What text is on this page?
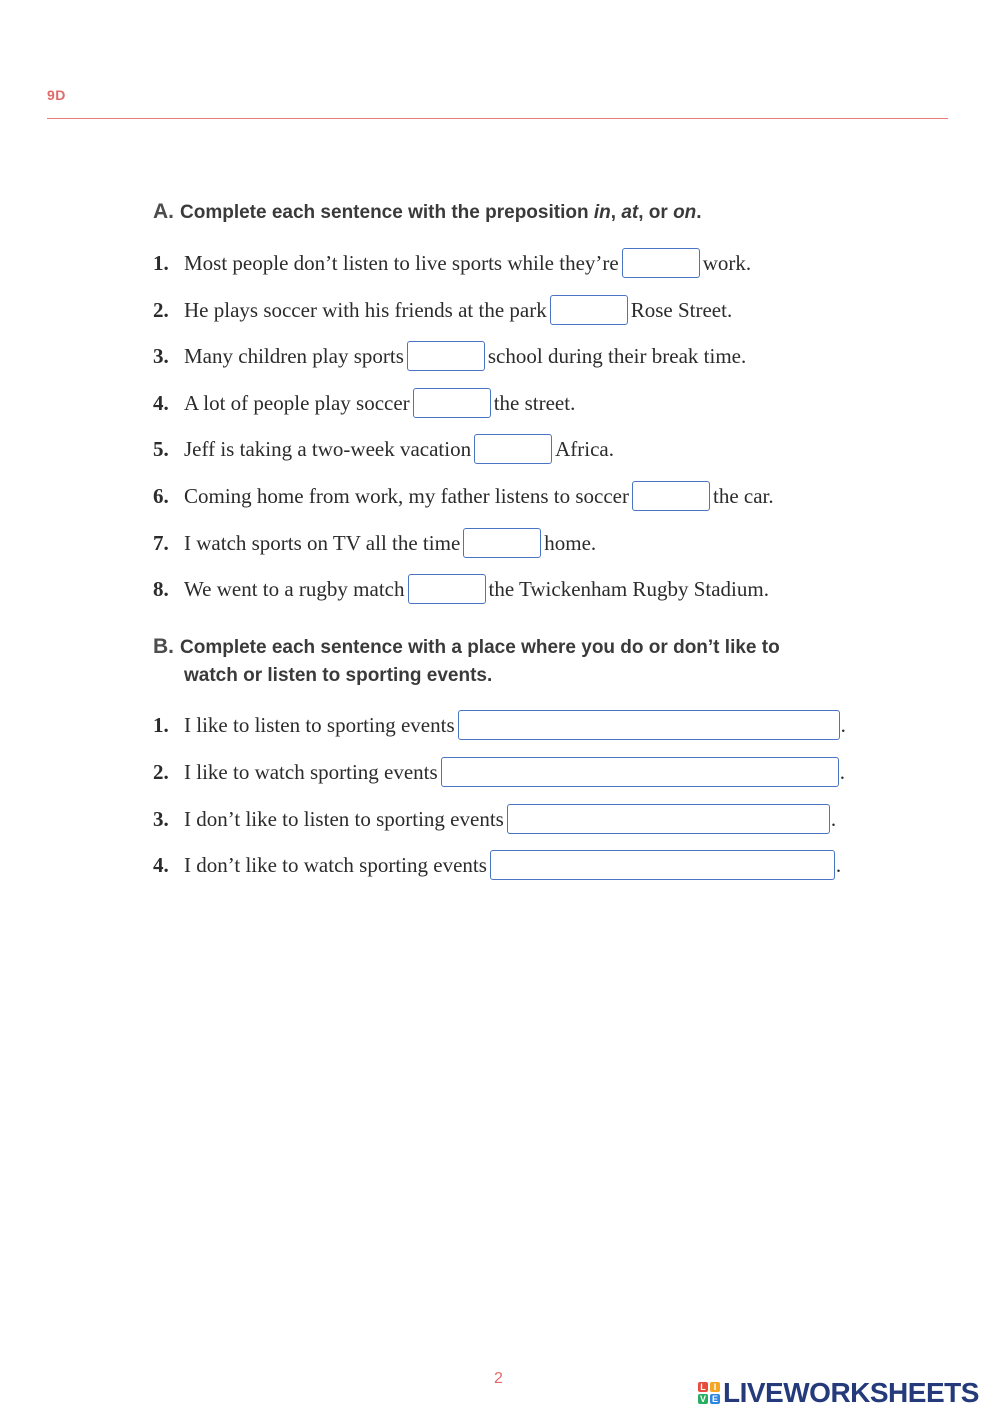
9D
A. Complete each sentence with the preposition in, at, or on.
1. Most people don’t listen to live sports while they’re	work.
2. He plays soccer with his friends at the park	Rose Street.
3. Many children play sports	school during their break time.
4. A lot of people play soccer	the street.
5. Jeff is taking a two-week vacation	Africa.
6. Coming home from work, my father listens to soccer	the car.
7. I watch sports on TV all the time	home.
8. We went to a rugby match	the Twickenham Rugby Stadium.
B. Complete each sentence with a place where you do or don’t like to
watch or listen to sporting events.
1. I like to listen to sporting events	.
2. I like to watch sporting events	.
3. I don’t like to listen to sporting events	.
4. I don’t like to watch sporting events	.
2	L I
V E LIVEWORKSHEETS
